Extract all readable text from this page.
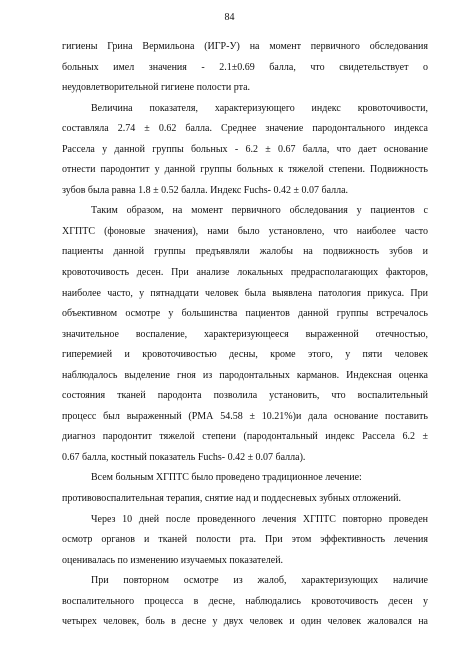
84

гигиены Грина Вермильона (ИГР-У) на момент первичного обследования
больных имел значения - 2.1±0.69 балла, что свидетельствует о
неудовлетворительной гигиене полости рта.

Величина показателя, характеризующего индекс кровоточивости,
составляла 2.74 ± 0.62 балла. Среднее значение пародонтального индекса
Рассела у данной группы больных - 6.2 ± 0.67 балла, что дает основание
отнести пародонтит у данной группы больных к тяжелой степени. Подвижность
зубов была равна 1.8 ± 0.52 балла. Индекс Fuchs- 0.42 ± 0.07 балла.

Таким образом, на момент первичного обследования у пациентов с
ХГПТС (фоновые значения), нами было установлено, что наиболее часто
пациенты данной группы предъявляли жалобы на подвижность зубов и
кровоточивость десен. При анализе локальных предрасполагающих факторов,
наиболее часто, у пятнадцати человек была выявлена патология прикуса. При
объективном осмотре у большинства пациентов данной группы встречалось
значительное воспаление, характеризующееся выраженной отечностью,
гиперемией и кровоточивостью десны, кроме этого, у пяти человек
наблюдалось выделение гноя из пародонтальных карманов. Индексная оценка
состояния тканей пародонта позволила установить, что воспалительный
процесс был выраженный (РМА 54.58 ± 10.21%)и дала основание поставить
диагноз пародонтит тяжелой степени (пародонтальный индекс Рассела 6.2 ±
0.67 балла, костный показатель Fuchs- 0.42 ± 0.07 балла).

Всем больным ХГПТС было проведено традиционное лечение:
противовоспалительная терапия, снятие над и поддесневых зубных отложений.

Через 10 дней после проведенного лечения ХГПТС повторно проведен
осмотр органов и тканей полости рта. При этом эффективность лечения
оценивалась по изменению изучаемых показателей.

При повторном осмотре из жалоб, характеризующих наличие
воспалительного процесса в десне, наблюдались кровоточивость десен у
четырех человек, боль в десне у двух человек и один человек жаловался на
